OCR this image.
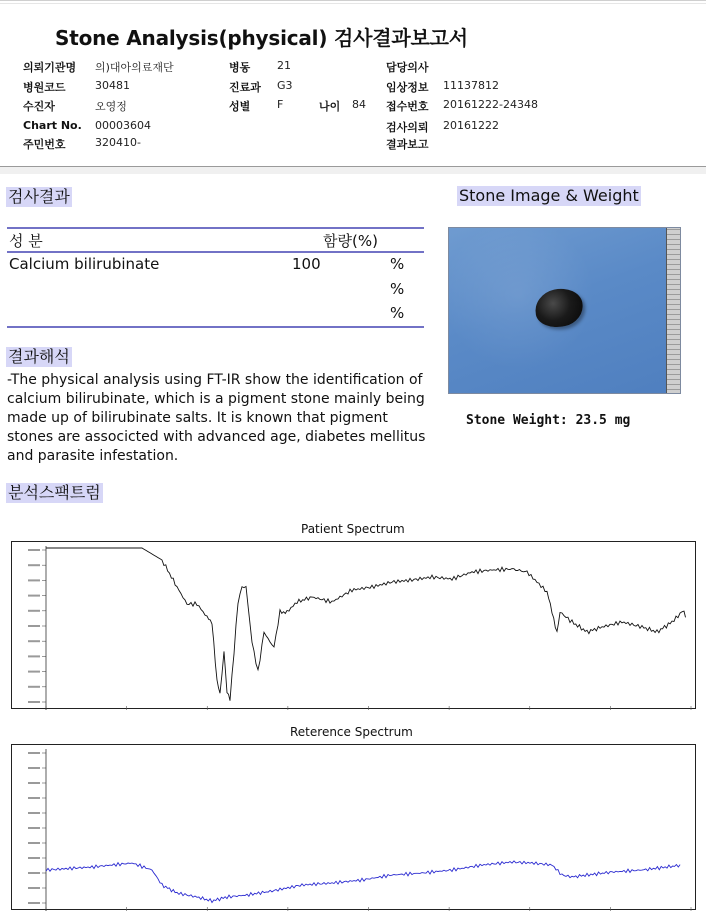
Stone Analysis(physical) 검사결과보고서
의뢰기관명 의)대아의료재단
병원코드	30481
수진자	오영정
Chart No. 00003604
주민번호	320410-
병동 21
진료과 G3
성별 F	나이 84
담당의사
임상정보 11137812
접수번호 20161222-24348
검사의뢰 20161222
결과보고
검사결과
성 분	함량(%)
Calcium bilirubinate	100	%
%
%
결과해석
-The physical analysis using FT-IR show the identification of calcium bilirubinate, which is a pigment stone mainly being made up of bilirubinate salts. It is known that pigment stones are associcted with advanced age, diabetes mellitus and parasite infestation.
Stone Image & Weight
Stone Weight: 23.5 mg
분석스팩트럼
Patient Spectrum
Reterence Spectrum
